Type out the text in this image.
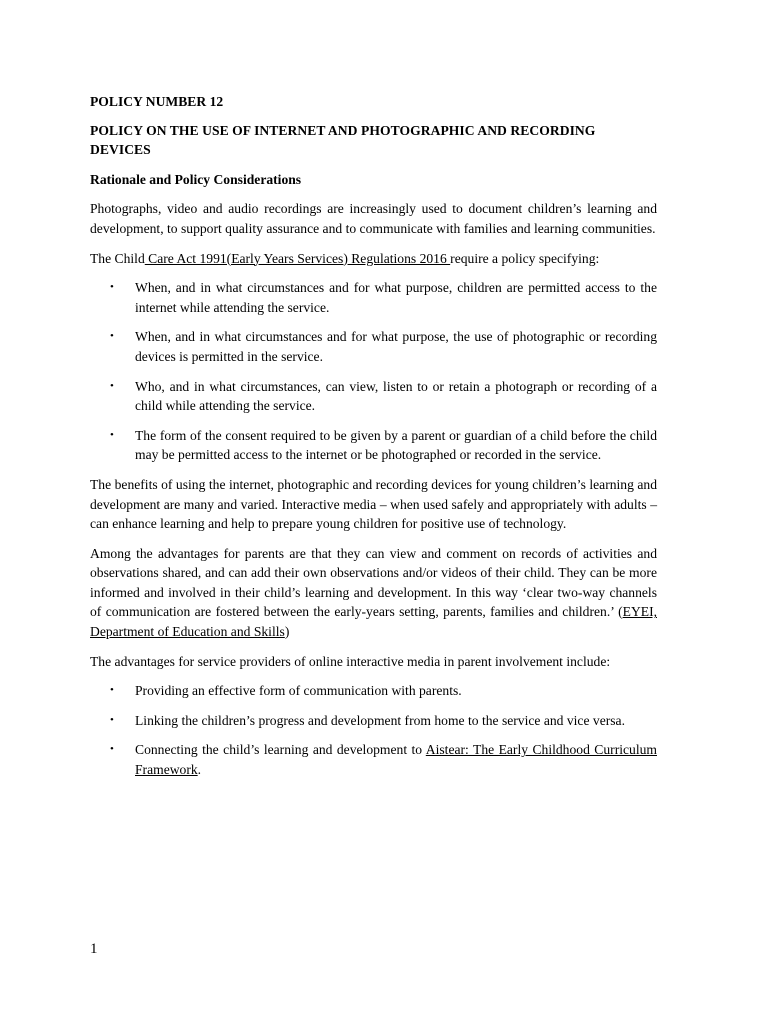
POLICY NUMBER 12
POLICY ON THE USE OF INTERNET AND PHOTOGRAPHIC AND RECORDING DEVICES
Rationale and Policy Considerations

Photographs, video and audio recordings are increasingly used to document children’s learning and development, to support quality assurance and to communicate with families and learning communities.

The Child Care Act 1991(Early Years Services) Regulations 2016 require a policy specifying:

• When, and in what circumstances and for what purpose, children are permitted access to the internet while attending the service.
• When, and in what circumstances and for what purpose, the use of photographic or recording devices is permitted in the service.
• Who, and in what circumstances, can view, listen to or retain a photograph or recording of a child while attending the service.
• The form of the consent required to be given by a parent or guardian of a child before the child may be permitted access to the internet or be photographed or recorded in the service.

The benefits of using the internet, photographic and recording devices for young children’s learning and development are many and varied. Interactive media – when used safely and appropriately with adults – can enhance learning and help to prepare young children for positive use of technology.

Among the advantages for parents are that they can view and comment on records of activities and observations shared, and can add their own observations and/or videos of their child. They can be more informed and involved in their child’s learning and development. In this way ‘clear two-way channels of communication are fostered between the early-years setting, parents, families and children.’ (EYEI, Department of Education and Skills)

The advantages for service providers of online interactive media in parent involvement include:

• Providing an effective form of communication with parents.
• Linking the children’s progress and development from home to the service and vice versa.
• Connecting the child’s learning and development to Aistear: The Early Childhood Curriculum Framework.
1
